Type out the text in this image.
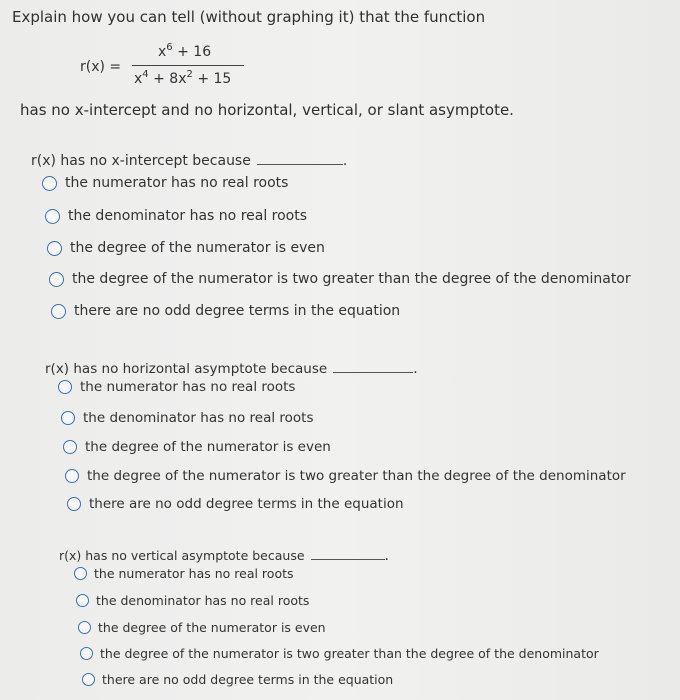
Explain how you can tell (without graphing it) that the function
r(x) =
$x^6 + 16$
$x^4 + 8x^2 + 15$
has no x-intercept and no horizontal, vertical, or slant asymptote.
r(x) has no x-intercept because	.
the numerator has no real roots
the denominator has no real roots
the degree of the numerator is even
the degree of the numerator is two greater than the degree of the denominator
there are no odd degree terms in the equation
r(x) has no horizontal asymptote because	.
the numerator has no real roots
the denominator has no real roots
the degree of the numerator is even
the degree of the numerator is two greater than the degree of the denominator
there are no odd degree terms in the equation
r(x) has no vertical asymptote because	.
the numerator has no real roots
the denominator has no real roots
the degree of the numerator is even
the degree of the numerator is two greater than the degree of the denominator
there are no odd degree terms in the equation
